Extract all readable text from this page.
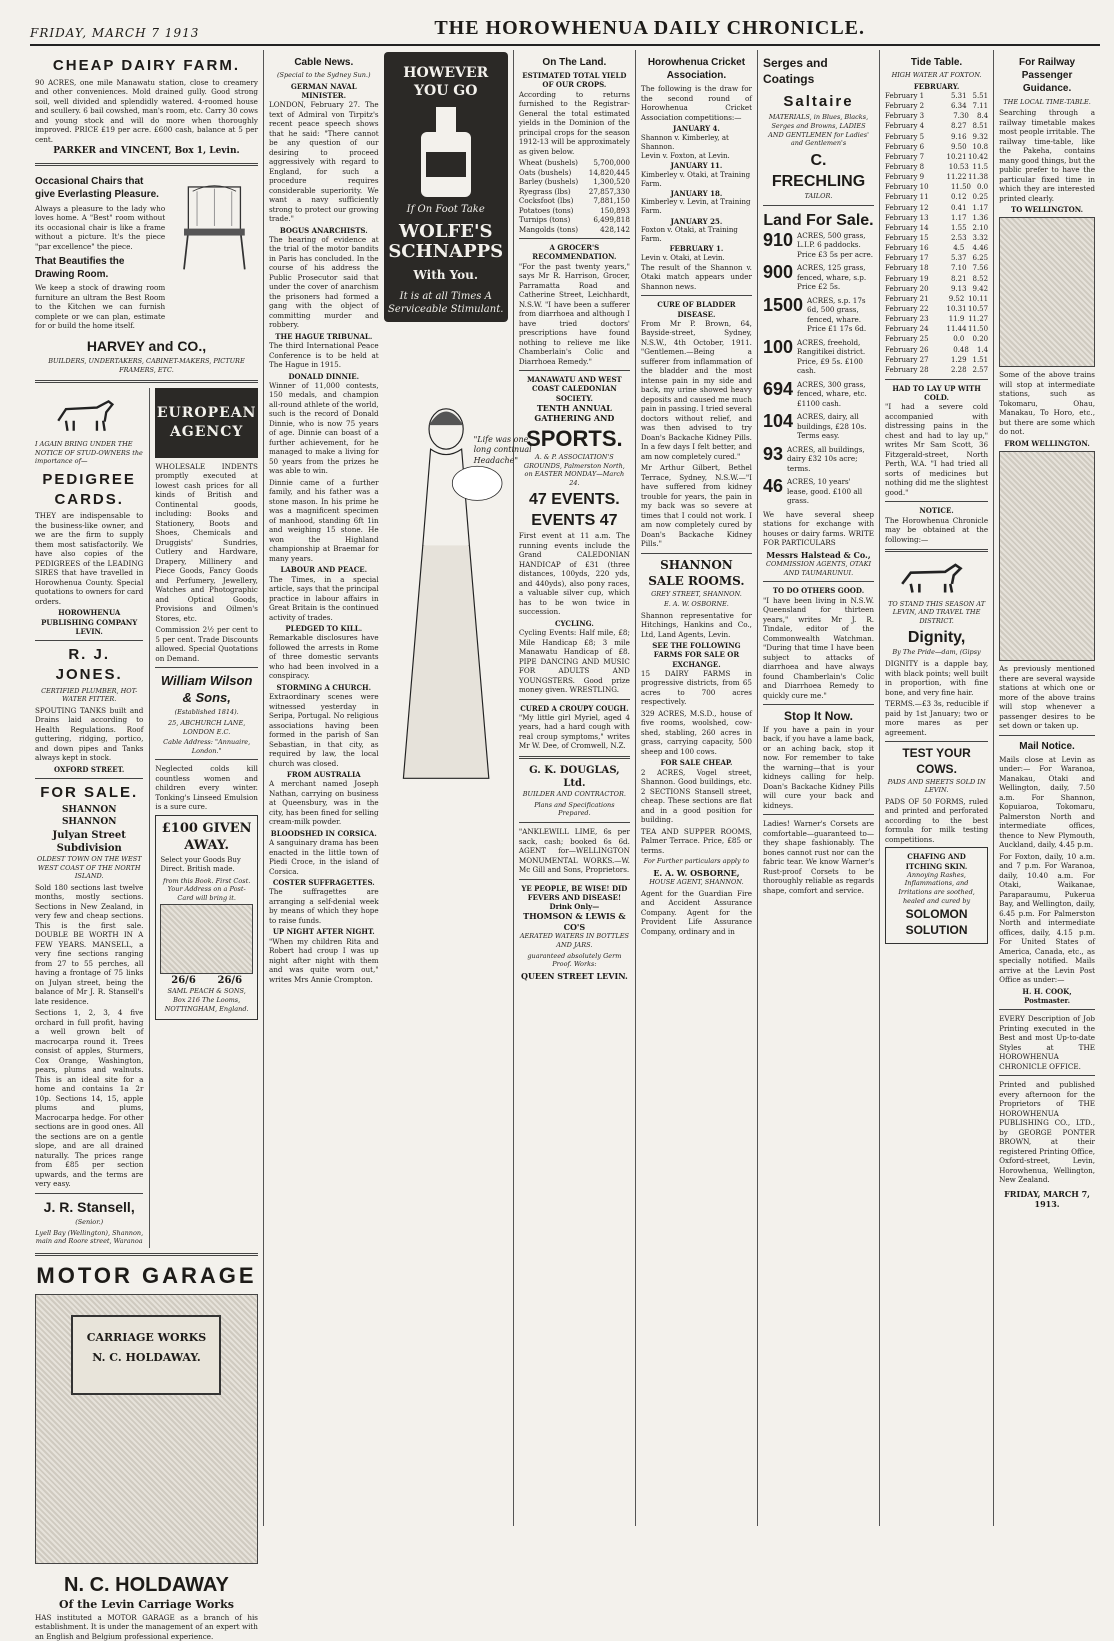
FRIDAY, MARCH 7 1913	THE HOROWHENUA DAILY CHRONICLE.
CHEAP DAIRY FARM.

90 ACRES, one mile Manawatu station, close to creamery and other conveniences. Mold drained gully. Good strong soil, well divided and splendidly watered. 4-roomed house and scullery. 6 bail cowshed, man's room, etc. Carry 30 cows and young stock and will do more when thoroughly improved. PRICE £19 per acre. £600 cash, balance at 5 per cent.

PARKER and VINCENT, Box 1, Levin.
Occasional Chairs that give Everlasting Pleasure.

Always a pleasure to the lady who loves home. A "Best" room without its occasional chair is like a frame without a picture. It's the piece "par excellence" the piece.

That Beautifies the Drawing Room.

We keep a stock of drawing room furniture an ultram the Best Room to the Kitchen we can furnish complete or we can plan, estimate for or build the home itself.

HARVEY and CO.,
BUILDERS, UNDERTAKERS, CABINET-MAKERS, PICTURE FRAMERS, ETC.
I AGAIN BRING UNDER THE NOTICE OF STUD-OWNERS the importance of—
PEDIGREE CARDS.

THEY are indispensable to the business-like owner, and we are the firm to supply them most satisfactorily. We have also copies of the PEDIGREES of the LEADING SIRES that have travelled in Horowhenua County. Special quotations to owners for card orders.

HOROWHENUA PUBLISHING COMPANY LEVIN.
R. J. JONES.
CERTIFIED PLUMBER, HOT-WATER FITTER.

SPOUTING TANKS built and Drains laid according to Health Regulations. Roof guttering, ridging, portico, and down pipes and Tanks always kept in stock.

OXFORD STREET.
FOR SALE.
SHANNON SHANNON
Julyan Street Subdivision
OLDEST TOWN ON THE WEST WEST COAST OF THE NORTH ISLAND.

Sold 180 sections last twelve months, mostly sections. Sections in New Zealand, in very few and cheap sections. This is the first sale. DOUBLE BE WORTH IN A FEW YEARS. MANSELL, a very fine sections ranging from 27 to 55 perches, all having a frontage of 75 links on Julyan street, being the balance of Mr J. R. Stansell's late residence.

Sections 1, 2, 3, 4 five orchard in full profit, having a well grown belt of macrocarpa round it. Trees consist of apples, Sturmers, Cox Orange, Washington, pears, plums and walnuts. This is an ideal site for a home and contains 1a 2r 10p. Sections 14, 15, apple plums and plums, Macrocarpa hedge. For other sections are in good ones. All the sections are on a gentle slope, and are all drained naturally. The prices range from £85 per section upwards, and the terms are very easy.

J. R. Stansell,
(Senior.)
Lyell Bay (Wellington), Shannon, main and Roore street, Waranoa
EUROPEAN AGENCY

WHOLESALE INDENTS promptly executed at lowest cash prices for all kinds of British and Continental goods, including: Books and Stationery, Boots and Shoes, Chemicals and Druggists' Sundries, Cutlery and Hardware, Drapery, Millinery and Piece Goods, Fancy Goods and Perfumery, Jewellery, Watches and Photographic and Optical Goods, Provisions and Oilmen's Stores, etc.

Commission 2½ per cent to 5 per cent. Trade Discounts allowed. Special Quotations on Demand.

William Wilson & Sons,
(Established 1814).
25, ABCHURCH LANE, LONDON E.C.
Cable Address: "Annuaire, London."

Neglected colds kill countless women and children every winter. Tonking's Linseed Emulsion is a sure cure.

£100 GIVEN AWAY.
Select your Goods Buy Direct. British made.
from this Book. First Cost. Your Address on a Post-Card will bring it.
26/6 26/6
SAML PEACH & SONS, Box 216 The Looms, NOTTINGHAM, England.
MOTOR GARAGE
CARRIAGE WORKS
N. C. HOLDAWAY.
N. C. HOLDAWAY
Of the Levin Carriage Works

HAS instituted a MOTOR GARAGE as a branch of his establishment. It is under the management of an expert with an English and Belgium professional experience.

Cable News.
(Special to the Sydney Sun.)
GERMAN NAVAL MINISTER.

LONDON, February 27. The text of Admiral von Tirpitz's recent peace speech shows that he said: "There cannot be any question of our desiring to proceed aggressively with regard to England, for such a procedure requires considerable superiority. We want a navy sufficiently strong to protect our growing trade."

BOGUS ANARCHISTS.

The hearing of evidence at the trial of the motor bandits in Paris has concluded. In the course of his address the Public Prosecutor said that under the cover of anarchism the prisoners had formed a gang with the object of committing murder and robbery.

THE HAGUE TRIBUNAL.

The third International Peace Conference is to be held at The Hague in 1915.

DONALD DINNIE.

Winner of 11,000 contests, 150 medals, and champion all-round athlete of the world, such is the record of Donald Dinnie, who is now 75 years of age. Dinnie can boast of a further achievement, for he managed to make a living for 50 years from the prizes he was able to win.

Dinnie came of a further family, and his father was a stone mason. In his prime he was a magnificent specimen of manhood, standing 6ft 1in and weighing 15 stone. He won the Highland championship at Braemar for many years.

LABOUR AND PEACE.

The Times, in a special article, says that the principal practice in labour affairs in Great Britain is the continued activity of trades.

PLEDGED TO KILL.

Remarkable disclosures have followed the arrests in Rome of three domestic servants who had been involved in a conspiracy.

STORMING A CHURCH.

Extraordinary scenes were witnessed yesterday in Seripa, Portugal. No religious associations having been formed in the parish of San Sebastian, in that city, as required by law, the local church was closed.

FROM AUSTRALIA

A merchant named Joseph Nathan, carrying on business at Queensbury, was in the city, has been fined for selling cream-milk powder.

BLOODSHED IN CORSICA.

A sanguinary drama has been enacted in the little town of Piedi Croce, in the island of Corsica.

COSTER SUFFRAGETTES.

The suffragettes are arranging a self-denial week by means of which they hope to raise funds.

UP NIGHT AFTER NIGHT.

"When my children Rita and Robert had croup I was up night after night with them and was quite worn out," writes Mrs Annie Crompton.

HOWEVER YOU GO
If On Foot Take
WOLFE'S SCHNAPPS
With You.
It is at all Times A Serviceable Stimulant.
"Life was one long continual Headache"
On The Land.
ESTIMATED TOTAL YIELD OF OUR CROPS.

According to returns furnished to the Registrar-General the total estimated yields in the Dominion of the principal crops for the season 1912-13 will be approximately as given below.

Wheat (bushels) 5,700,000
Oats (bushels) 14,820,445
Barley (bushels) 1,300,520
Ryegrass (lbs)	27,857,330
Cocksfoot (lbs)	7,881,150
Potatoes (tons)	150,893
Turnips (tons)	6,499,818
Mangolds (tons)	428,142
A GROCER'S RECOMMENDATION.

"For the past twenty years," says Mr R. Harrison, Grocer, Parramatta Road and Catherine Street, Leichhardt, N.S.W. "I have been a sufferer from diarrhoea and although I have tried doctors' prescriptions have found nothing to relieve me like Chamberlain's Colic and Diarrhoea Remedy."

MANAWATU AND WEST COAST CALEDONIAN SOCIETY.
TENTH ANNUAL GATHERING AND
SPORTS.
A. & P. ASSOCIATION'S GROUNDS, Palmerston North, on EASTER MONDAY—March 24.
47 EVENTS. EVENTS 47

First event at 11 a.m. The running events include the Grand CALEDONIAN HANDICAP of £31 (three distances, 100yds, 220 yds, and 440yds), also pony races, a valuable silver cup, which has to be won twice in succession.

CYCLING.

Cycling Events: Half mile, £8; Mile Handicap £8; 3 mile Manawatu Handicap of £8. PIPE DANCING AND MUSIC FOR ADULTS AND YOUNGSTERS. Good prize money given. WRESTLING.

CURED A CROUPY COUGH.

"My little girl Myriel, aged 4 years, had a hard cough with real croup symptoms," writes Mr W. Dee, of Cromwell, N.Z.

G. K. DOUGLAS, Ltd.
BUILDER AND CONTRACTOR.

Plans and Specifications Prepared.

"ANKLEWILL LIME, 6s per sack, cash; booked 6s 6d. AGENT for—WELLINGTON MONUMENTAL WORKS.—W. Mc Gill and Sons, Proprietors.

YE PEOPLE, BE WISE! DID FEVERS AND DISEASE! Drink Only—
THOMSON & LEWIS & CO'S
AERATED WATERS IN BOTTLES AND JARS.

guaranteed absolutely Germ Proof. Works:

QUEEN STREET LEVIN.
Horowhenua Cricket Association.

The following is the draw for the second round of Horowhenua Cricket Association competitions:—

JANUARY 4.
Shannon v. Kimberley, at Shannon.
Levin v. Foxton, at Levin.
JANUARY 11.
Kimberley v. Otaki, at Training Farm.
JANUARY 18.
Kimberley v. Levin, at Training Farm.
JANUARY 25.
Foxton v. Otaki, at Training Farm.
FEBRUARY 1.
Levin v. Otaki, at Levin.

The result of the Shannon v. Otaki match appears under Shannon news.

CURE OF BLADDER DISEASE.

From Mr P. Brown, 64, Bayside-street, Sydney, N.S.W., 4th October, 1911. "Gentlemen.—Being a sufferer from inflammation of the bladder and the most intense pain in my side and back, my urine showed heavy deposits and caused me much pain in passing. I tried several doctors without relief, and was then advised to try Doan's Backache Kidney Pills. In a few days I felt better, and am now completely cured."

Mr Arthur Gilbert, Bethel Terrace, Sydney, N.S.W.—"I have suffered from kidney trouble for years, the pain in my back was so severe at times that I could not work. I am now completely cured by Doan's Backache Kidney Pills."

SHANNON SALE ROOMS.
GREY STREET, SHANNON.
E. A. W. OSBORNE.

Shannon representative for Hitchings, Hankins and Co., Ltd, Land Agents, Levin.

SEE THE FOLLOWING FARMS FOR SALE OR EXCHANGE.

15 DAIRY FARMS in progressive districts, from 65 acres to 700 acres respectively.

329 ACRES, M.S.D., house of five rooms, woolshed, cow-shed, stabling, 260 acres in grass, carrying capacity, 500 sheep and 100 cows.

FOR SALE CHEAP.

2 ACRES, Vogel street, Shannon. Good buildings, etc. 2 SECTIONS Stansell street, cheap. These sections are flat and in a good position for building.

TEA AND SUPPER ROOMS, Palmer Terrace. Price, £85 or terms.

For Further particulars apply to

E. A. W. OSBORNE,
HOUSE AGENT, SHANNON.

Agent for the Guardian Fire and Accident Assurance Company. Agent for the Provident Life Assurance Company, ordinary and in

Serges and Coatings
Saltaire

MATERIALS, in Blues, Blacks, Serges and Browns, LADIES AND GENTLEMEN for Ladies' and Gentlemen's

C. FRECHLING
TAILOR.
Land For Sale.
910 ACRES, 500 grass, L.I.P. 6 paddocks. Price £3 5s per acre.
900 ACRES, 125 grass, fenced, whare, s.p. Price £2 5s.
1500 ACRES, s.p. 17s 6d, 500 grass, fenced, whare. Price £1 17s 6d.
100 ACRES, freehold, Rangitikei district. Price, £9 5s. £100 cash.
694 ACRES, 300 grass, fenced, whare, etc. £1100 cash.
104 ACRES, dairy, all buildings, £28 10s. Terms easy.
93 ACRES, all buildings, dairy £32 10s acre; terms.
46 ACRES, 10 years' lease, good. £100 all grass.

We have several sheep stations for exchange with houses or dairy farms. WRITE FOR PARTICULARS

Messrs Halstead & Co.,
COMMISSION AGENTS, OTAKI AND TAUMARUNUI.
TO DO OTHERS GOOD.

"I have been living in N.S.W. Queensland for thirteen years," writes Mr J. R. Tindale, editor of the Commonwealth Watchman. "During that time I have been subject to attacks of diarrhoea and have always found Chamberlain's Colic and Diarrhoea Remedy to quickly cure me."

Stop It Now.

If you have a pain in your back, if you have a lame back, or an aching back, stop it now. For remember to take the warning—that is your kidneys calling for help. Doan's Backache Kidney Pills will cure your back and kidneys.

Ladies! Warner's Corsets are comfortable—guaranteed to—they shape fashionably. The bones cannot rust nor can the fabric tear. We know Warner's Rust-proof Corsets to be thoroughly reliable as regards shape, comfort and service.

Tide Table.
HIGH WATER AT FOXTON.
FEBRUARY.
February 1	5.31 5.51
February 2	6.34 7.11
February 3	7.30 8.4
February 4	8.27 8.51
February 5	9.16 9.32
February 6	9.50 10.8
February 7	10.21 10.42
February 8	10.53 11.5
February 9	11.22 11.38
February 10	11.50 0.0
February 11	0.12 0.25
February 12	0.41 1.17
February 13	1.17 1.36
February 14	1.55 2.10
February 15	2.53 3.32
February 16	4.5 4.46
February 17	5.37 6.25
February 18	7.10 7.56
February 19	8.21 8.52
February 20	9.13 9.42
February 21	9.52 10.11
February 22	10.31 10.57
February 23	11.9 11.27
February 24	11.44 11.50
February 25	0.0 0.20
February 26	0.48 1.4
February 27	1.29 1.51
February 28	2.28 2.57
HAD TO LAY UP WITH COLD.

"I had a severe cold accompanied with distressing pains in the chest and had to lay up," writes Mr Sam Scott, 36 Fitzgerald-street, North Perth, W.A. "I had tried all sorts of medicines but nothing did me the slightest good."

NOTICE.

The Horowhenua Chronicle may be obtained at the following:—

TO STAND THIS SEASON AT LEVIN, AND TRAVEL THE DISTRICT.
Dignity,
By The Pride—dam, (Gipsy

DIGNITY is a dapple bay, with black points; well built in proportion, with fine bone, and very fine hair.

TERMS.—£3 3s, reducible if paid by 1st January; two or more mares as per agreement.

TEST YOUR COWS.
PADS AND SHEETS SOLD IN LEVIN.

PADS OF 50 FORMS, ruled and printed and perforated according to the best formula for milk testing competitions.

CHAFING AND ITCHING SKIN.

Annoying Rashes, Inflammations, and Irritations are soothed, healed and cured by

SOLOMON SOLUTION
For Railway Passenger Guidance.
THE LOCAL TIME-TABLE.

Searching through a railway timetable makes most people irritable. The railway time-table, like the Pakeha, contains many good things, but the public prefer to have the particular fixed time in which they are interested printed clearly.

TO WELLINGTON.

Some of the above trains will stop at intermediate stations, such as Tokomaru, Ohau, Manakau, To Horo, etc., but there are some which do not.

FROM WELLINGTON.

As previously mentioned there are several wayside stations at which one or more of the above trains will stop whenever a passenger desires to be set down or taken up.

Mail Notice.

Mails close at Levin as under:— For Waranoa, Manakau, Otaki and Wellington, daily, 7.50 a.m. For Shannon, Kopuiaroa, Tokomaru, Palmerston North and intermediate offices, thence to New Plymouth, Auckland, daily, 4.45 p.m.

For Foxton, daily, 10 a.m. and 7 p.m. For Waranoa, daily, 10.40 a.m. For Otaki, Waikanae, Paraparaumu, Pukerua Bay, and Wellington, daily, 6.45 p.m. For Palmerston North and intermediate offices, daily, 4.15 p.m. For United States of America, Canada, etc., as specially notified. Mails arrive at the Levin Post Office as under:—

H. H. COOK, Postmaster.

EVERY Description of Job Printing executed in the Best and most Up-to-date Styles at THE HOROWHENUA CHRONICLE OFFICE.

Printed and published every afternoon for the Proprietors of THE HOROWHENUA PUBLISHING CO., LTD., by GEORGE PONTER BROWN, at their registered Printing Office, Oxford-street, Levin, Horowhenua, Wellington, New Zealand.

FRIDAY, MARCH 7, 1913.
